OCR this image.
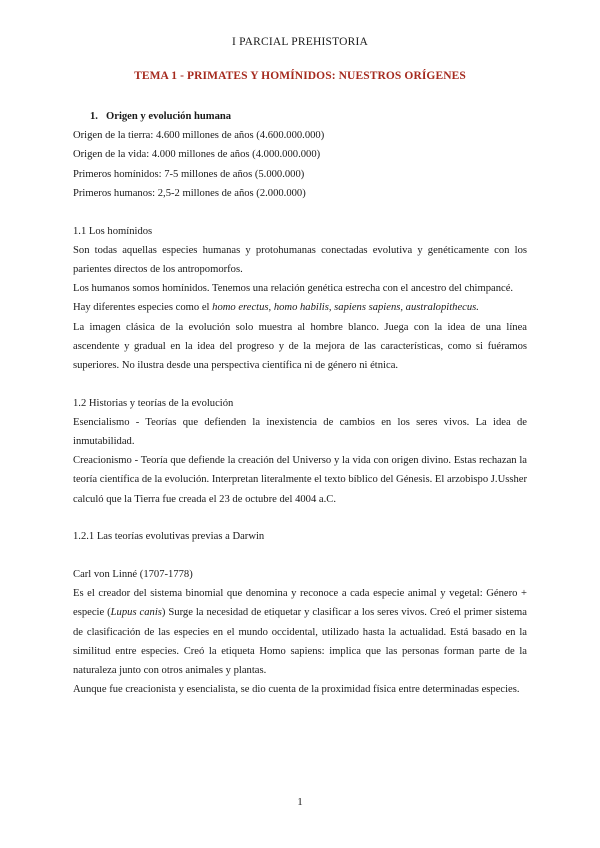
I PARCIAL PREHISTORIA
TEMA 1 - PRIMATES Y HOMÍNIDOS: NUESTROS ORÍGENES

1. Origen y evolución humana

Origen de la tierra: 4.600 millones de años (4.600.000.000)

Origen de la vida: 4.000 millones de años (4.000.000.000)

Primeros homínidos: 7-5 millones de años (5.000.000)

Primeros humanos: 2,5-2 millones de años (2.000.000)

1.1 Los homínidos

Son todas aquellas especies humanas y protohumanas conectadas evolutiva y genéticamente con los parientes directos de los antropomorfos.

Los humanos somos homínidos. Tenemos una relación genética estrecha con el ancestro del chimpancé.

Hay diferentes especies como el homo erectus, homo habilis, sapiens sapiens, australopithecus.

La imagen clásica de la evolución solo muestra al hombre blanco. Juega con la idea de una línea ascendente y gradual en la idea del progreso y de la mejora de las características, como si fuéramos superiores. No ilustra desde una perspectiva científica ni de género ni étnica.

1.2 Historias y teorías de la evolución

Esencialismo - Teorías que defienden la inexistencia de cambios en los seres vivos. La idea de inmutabilidad.

Creacionismo - Teoría que defiende la creación del Universo y la vida con origen divino. Estas rechazan la teoría científica de la evolución. Interpretan literalmente el texto bíblico del Génesis. El arzobispo J.Ussher calculó que la Tierra fue creada el 23 de octubre del 4004 a.C.

1.2.1 Las teorías evolutivas previas a Darwin

Carl von Linné (1707-1778)

Es el creador del sistema binomial que denomina y reconoce a cada especie animal y vegetal: Género + especie (Lupus canis) Surge la necesidad de etiquetar y clasificar a los seres vivos. Creó el primer sistema de clasificación de las especies en el mundo occidental, utilizado hasta la actualidad. Está basado en la similitud entre especies. Creó la etiqueta Homo sapiens: implica que las personas forman parte de la naturaleza junto con otros animales y plantas.

Aunque fue creacionista y esencialista, se dio cuenta de la proximidad física entre determinadas especies.

1
